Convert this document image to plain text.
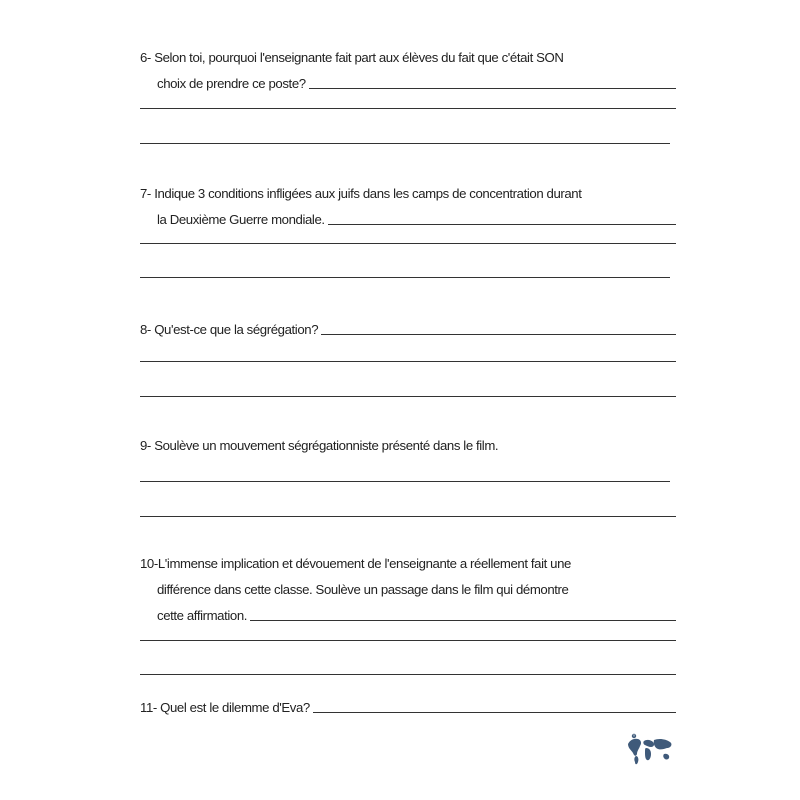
6- Selon toi, pourquoi l'enseignante fait part aux élèves du fait que c'était SON
choix de prendre ce poste?
7- Indique 3 conditions infligées aux juifs dans les camps de concentration durant
la Deuxième Guerre mondiale.
8- Qu'est-ce que la ségrégation?
9- Soulève un mouvement ségrégationniste présenté dans le film.
10-L'immense implication et dévouement de l'enseignante a réellement fait une
différence dans cette classe. Soulève un passage dans le film qui démontre
cette affirmation.
11- Quel est le dilemme d'Eva?
